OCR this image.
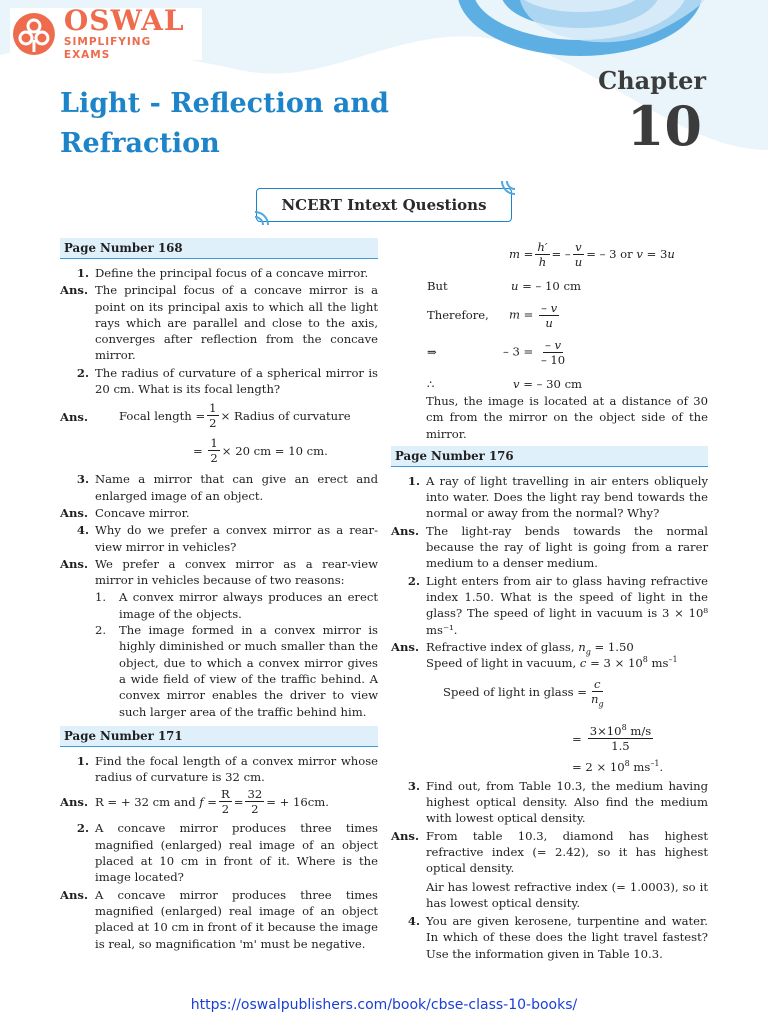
OSWAL
SIMPLIFYING EXAMS
Light - Reflection and Refraction
Chapter
10
NCERT Intext Questions
Page Number 168
1. Define the principal focus of a concave mirror.
Ans. The principal focus of a concave mirror is a point on its principal axis to which all the light rays which are parallel and close to the axis, converges after reflection from the concave mirror.
2. The radius of curvature of a spherical mirror is 20 cm. What is its focal length?
Ans.	Focal length = $\frac{1}{2}$ × Radius of curvature
= $\frac{1}{2} \times 20$ cm = 10 cm.
3. Name a mirror that can give an erect and enlarged image of an object.
Ans. Concave mirror.
4. Why do we prefer a convex mirror as a rear-view mirror in vehicles?
Ans. We prefer a convex mirror as a rear-view mirror in vehicles because of two reasons:
1.	A convex mirror always produces an erect image of the objects.
2.	The image formed in a convex mirror is highly diminished or much smaller than the object, due to which a convex mirror gives a wide field of view of the traffic behind. A convex mirror enables the driver to view such larger area of the traffic behind him.
Page Number 171
1. Find the focal length of a convex mirror whose radius of curvature is 32 cm.
Ans. R = + 32 cm and $f = \frac{R}{2} = \frac{32}{2}$ = + 16cm.
2. A concave mirror produces three times magnified (enlarged) real image of an object placed at 10 cm in front of it. Where is the image located?
Ans. A concave mirror produces three times magnified (enlarged) real image of an object placed at 10 cm in front of it because the image is real, so magnification 'm' must be negative.
$m = \frac{h'}{h}$ = – $\frac{v}{u}$ = – 3 or v = 3 u
But	u = – 10 cm
Therefore,	$m = \frac{- v}{u}$
⇒	– $3 = \frac{- v}{- 10}$
∴	v = – 30 cm
Thus, the image is located at a distance of 30 cm from the mirror on the object side of the mirror.
Page Number 176
1. A ray of light travelling in air enters obliquely into water. Does the light ray bend towards the normal or away from the normal? Why?
Ans. The light-ray bends towards the normal because the ray of light is going from a rarer medium to a denser medium.
2. Light enters from air to glass having refractive index 1.50. What is the speed of light in the glass? The speed of light in vacuum is 3 × 10⁸ ms⁻¹.
Ans. Refractive index of glass, $n_g = 1.50$
Speed of light in vacuum, $c = 3 \times 10^8$ $ms^{-1}$
Speed of light in glass = $\frac{c}{n_g}$
= $\frac{3\times 10^8 m/s}{1.5}$
= $2 \times 10^8$ $ms^{-1}$.
3. Find out, from Table 10.3, the medium having highest optical density. Also find the medium with lowest optical density.
Ans. From table 10.3, diamond has highest refractive index (= 2.42), so it has highest optical density.
Air has lowest refractive index (= 1.0003), so it has lowest optical density.
4. You are given kerosene, turpentine and water. In which of these does the light travel fastest? Use the information given in Table 10.3.
https://oswalpublishers.com/book/cbse-class-10-books/
